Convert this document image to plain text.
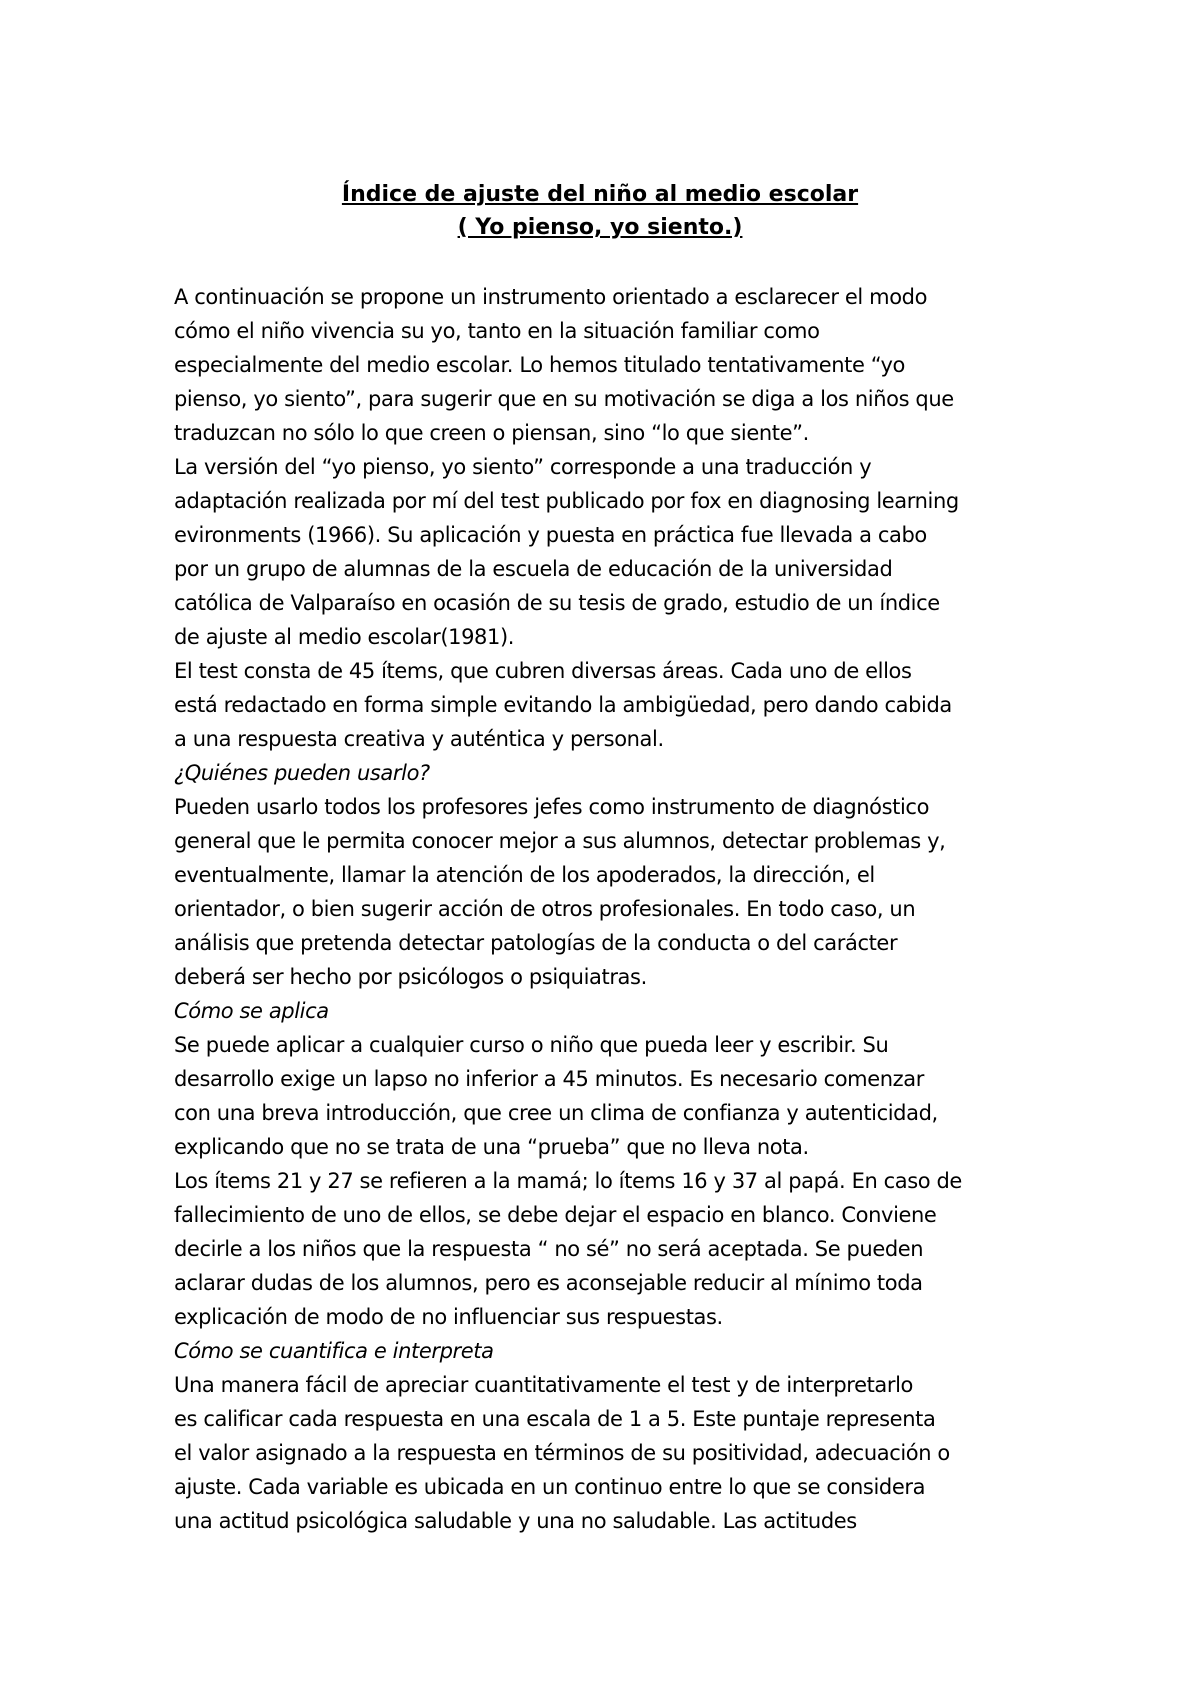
Índice de ajuste del niño al medio escolar
( Yo pienso, yo siento.)
A continuación se propone un instrumento orientado a esclarecer el modo
cómo el niño vivencia su yo, tanto en la situación familiar como
especialmente del medio escolar. Lo hemos titulado tentativamente “yo
pienso, yo siento”, para sugerir que en su motivación se diga a los niños que
traduzcan no sólo lo que creen o piensan, sino “lo que siente”.
La versión del “yo pienso, yo siento” corresponde a una traducción y
adaptación realizada por mí del test publicado por fox en diagnosing learning
evironments (1966). Su aplicación y puesta en práctica fue llevada a cabo
por un grupo de alumnas de la escuela de educación de la universidad
católica de Valparaíso en ocasión de su tesis de grado, estudio de un índice
de ajuste al medio escolar(1981).
El test consta de 45 ítems, que cubren diversas áreas. Cada uno de ellos
está redactado en forma simple evitando la ambigüedad, pero dando cabida
a una respuesta creativa y auténtica y personal.
¿Quiénes pueden usarlo?
Pueden usarlo todos los profesores jefes como instrumento de diagnóstico
general que le permita conocer mejor a sus alumnos, detectar problemas y,
eventualmente, llamar la atención de los apoderados, la dirección, el
orientador, o bien sugerir acción de otros profesionales. En todo caso, un
análisis que pretenda detectar patologías de la conducta o del carácter
deberá ser hecho por psicólogos o psiquiatras.
Cómo se aplica
Se puede aplicar a cualquier curso o niño que pueda leer y escribir. Su
desarrollo exige un lapso no inferior a 45 minutos. Es necesario comenzar
con una breva introducción, que cree un clima de confianza y autenticidad,
explicando que no se trata de una “prueba” que no lleva nota.
Los ítems 21 y 27 se refieren a la mamá; lo ítems 16 y 37 al papá. En caso de
fallecimiento de uno de ellos, se debe dejar el espacio en blanco. Conviene
decirle a los niños que la respuesta “ no sé” no será aceptada. Se pueden
aclarar dudas de los alumnos, pero es aconsejable reducir al mínimo toda
explicación de modo de no influenciar sus respuestas.
Cómo se cuantifica e interpreta
Una manera fácil de apreciar cuantitativamente el test y de interpretarlo
es calificar cada respuesta en una escala de 1 a 5. Este puntaje representa
el valor asignado a la respuesta en términos de su positividad, adecuación o
ajuste. Cada variable es ubicada en un continuo entre lo que se considera
una actitud psicológica saludable y una no saludable. Las actitudes
